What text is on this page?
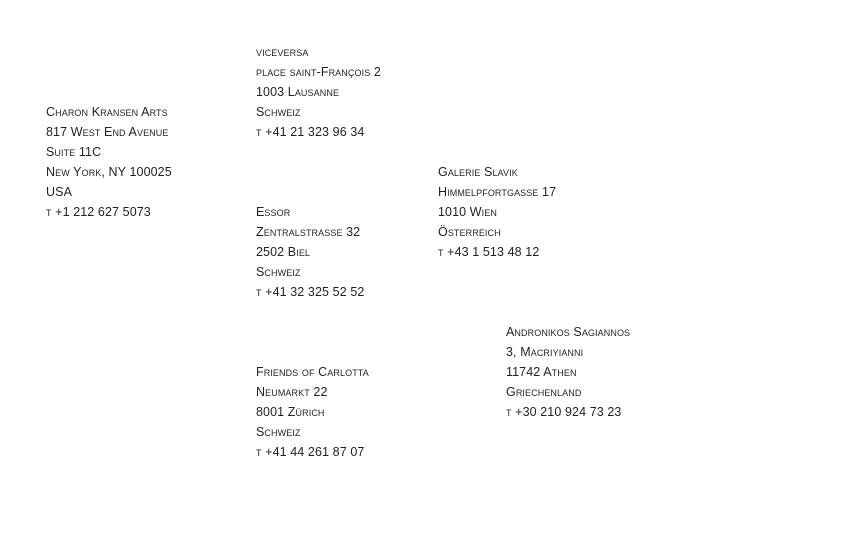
viceversa
place saint-François 2
1003 Lausanne
Schweiz
t +41 21 323 96 34
Charon Kransen Arts
817 West End Avenue
Suite 11C
New York, NY 100025
USA
t +1 212 627 5073
Galerie Slavik
Himmelpfortgasse 17
1010 Wien
Österreich
t +43 1 513 48 12
Essor
Zentralstrasse 32
2502 Biel
Schweiz
t +41 32 325 52 52
Andronikos Sagiannos
3, Macriyianni
11742 Athen
Griechenland
t +30 210 924 73 23
Friends of Carlotta
Neumarkt 22
8001 Zürich
Schweiz
t +41 44 261 87 07
